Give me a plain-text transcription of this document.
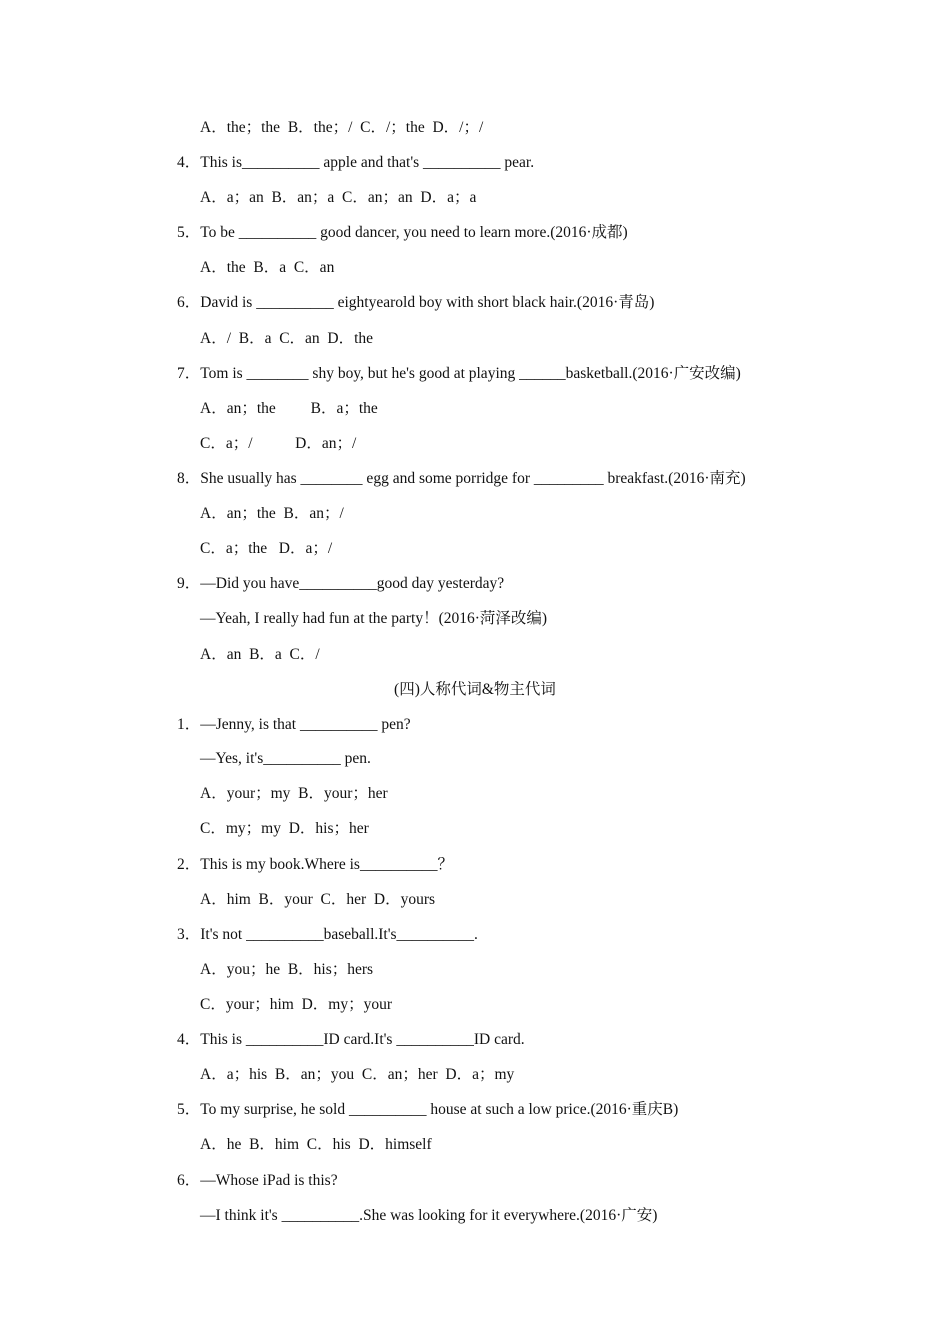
A．the；the  B．the；/  C．/；the  D．/；/
4．This is__________ apple and that's __________ pear.
A．a；an  B．an；a  C．an；an  D．a；a
5．To be __________ good dancer, you need to learn more.(2016·成都)
A．the  B．a  C．an
6．David is __________ eightyearold boy with short black hair.(2016·青岛)
A．/  B．a  C．an  D．the
7．Tom is ________ shy boy, but he's good at playing ______basketball.(2016·广安改编)
A．an；the         B．a；the
C．a；/           D．an；/
8．She usually has ________ egg and some porridge for _________ breakfast.(2016·南充)
A．an；the  B．an；/
C．a；the   D．a；/
9．—Did you have__________good day yesterday?
—Yeah, I really had fun at the party！(2016·菏泽改编)
A．an  B．a  C．/
(四)人称代词&物主代词
1．—Jenny, is that __________ pen?
—Yes, it's__________ pen.
A．your；my  B．your；her
C．my；my  D．his；her
2．This is my book.Where is__________？
A．him  B．your  C．her  D．yours
3．It's not __________baseball.It's__________.
A．you；he  B．his；hers
C．your；him  D．my；your
4．This is __________ID card.It's __________ID card.
A．a；his  B．an；you  C．an；her  D．a；my
5．To my surprise, he sold __________ house at such a low price.(2016·重庆B)
A．he  B．him  C．his  D．himself
6．—Whose iPad is this?
—I think it's __________.She was looking for it everywhere.(2016·广安)
